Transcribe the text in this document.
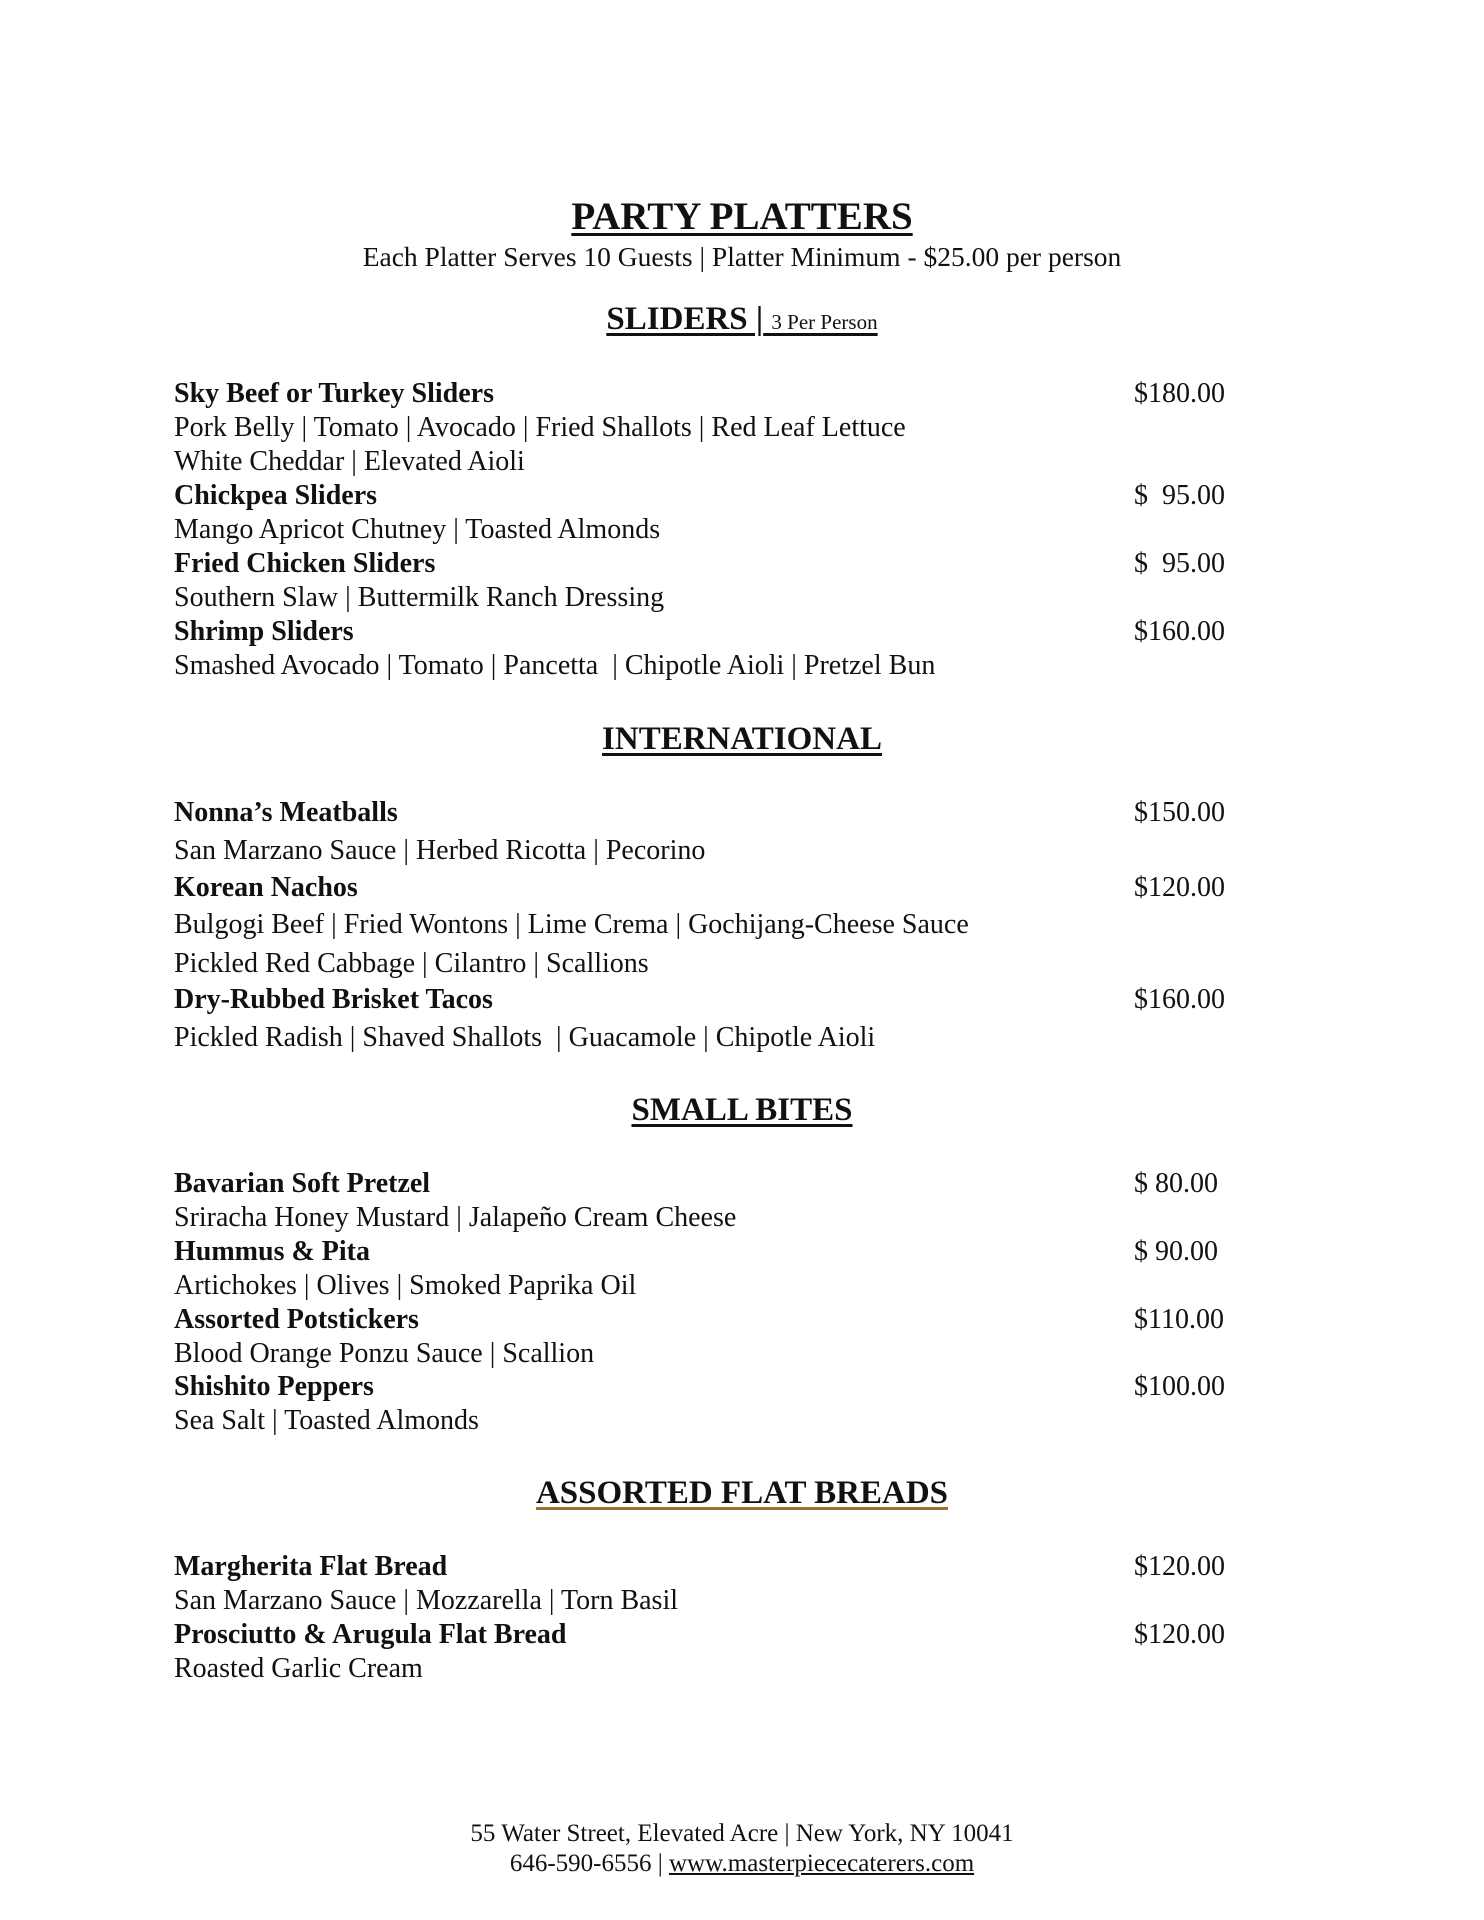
PARTY PLATTERS
Each Platter Serves 10 Guests | Platter Minimum - $25.00 per person
SLIDERS | 3 Per Person
Sky Beef or Turkey Sliders	$180.00
Pork Belly | Tomato | Avocado | Fried Shallots | Red Leaf Lettuce
White Cheddar | Elevated Aioli
Chickpea Sliders	$  95.00
Mango Apricot Chutney | Toasted Almonds
Fried Chicken Sliders	$  95.00
Southern Slaw | Buttermilk Ranch Dressing
Shrimp Sliders	$160.00
Smashed Avocado | Tomato | Pancetta  | Chipotle Aioli | Pretzel Bun
INTERNATIONAL
Nonna’s Meatballs	$150.00
San Marzano Sauce | Herbed Ricotta | Pecorino
Korean Nachos	$120.00
Bulgogi Beef | Fried Wontons | Lime Crema | Gochijang-Cheese Sauce
Pickled Red Cabbage | Cilantro | Scallions
Dry-Rubbed Brisket Tacos	$160.00
Pickled Radish | Shaved Shallots  | Guacamole | Chipotle Aioli
SMALL BITES
Bavarian Soft Pretzel	$ 80.00
Sriracha Honey Mustard | Jalapeño Cream Cheese
Hummus & Pita	$ 90.00
Artichokes | Olives | Smoked Paprika Oil
Assorted Potstickers	$110.00
Blood Orange Ponzu Sauce | Scallion
Shishito Peppers	$100.00
Sea Salt | Toasted Almonds
ASSORTED FLAT BREADS
Margherita Flat Bread	$120.00
San Marzano Sauce | Mozzarella | Torn Basil
Prosciutto & Arugula Flat Bread	$120.00
Roasted Garlic Cream
55 Water Street, Elevated Acre | New York, NY 10041
646-590-6556 | www.masterpiececaterers.com
